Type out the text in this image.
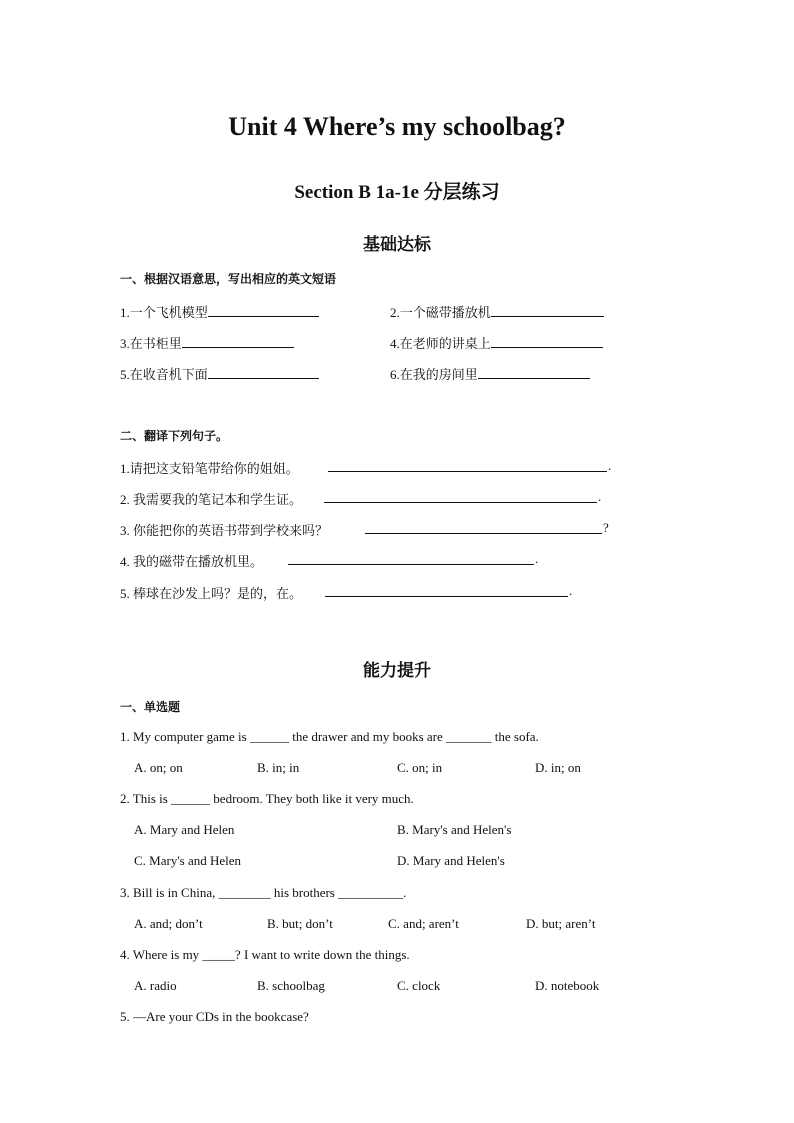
Unit 4 Where’s my schoolbag?
Section B 1a-1e 分层练习
基础达标
一、根据汉语意思，写出相应的英文短语
1.一个飞机模型	2.一个磁带播放机
3.在书柜里	4.在老师的讲桌上
5.在收音机下面	6.在我的房间里
二、翻译下列句子。
1.请把这支铅笔带给你的姐姐。	.
2. 我需要我的笔记本和学生证。	.
3. 你能把你的英语书带到学校来吗？	?
4. 我的磁带在播放机里。	.
5. 棒球在沙发上吗？是的，在。	.
能力提升
一、单选题
1. My computer game is ______ the drawer and my books are _______ the sofa.
A. on; on	B. in; in	C. on; in	D. in; on
2. This is ______ bedroom. They both like it very much.
A. Mary and Helen	B. Mary's and Helen's
C. Mary's and Helen	D. Mary and Helen's
3. Bill is in China, ________ his brothers __________.
A. and; don’t	B. but; don’t	C. and; aren’t	D. but; aren’t
4. Where is my _____? I want to write down the things.
A. radio	B. schoolbag	C. clock	D. notebook
5. —Are your CDs in the bookcase?
